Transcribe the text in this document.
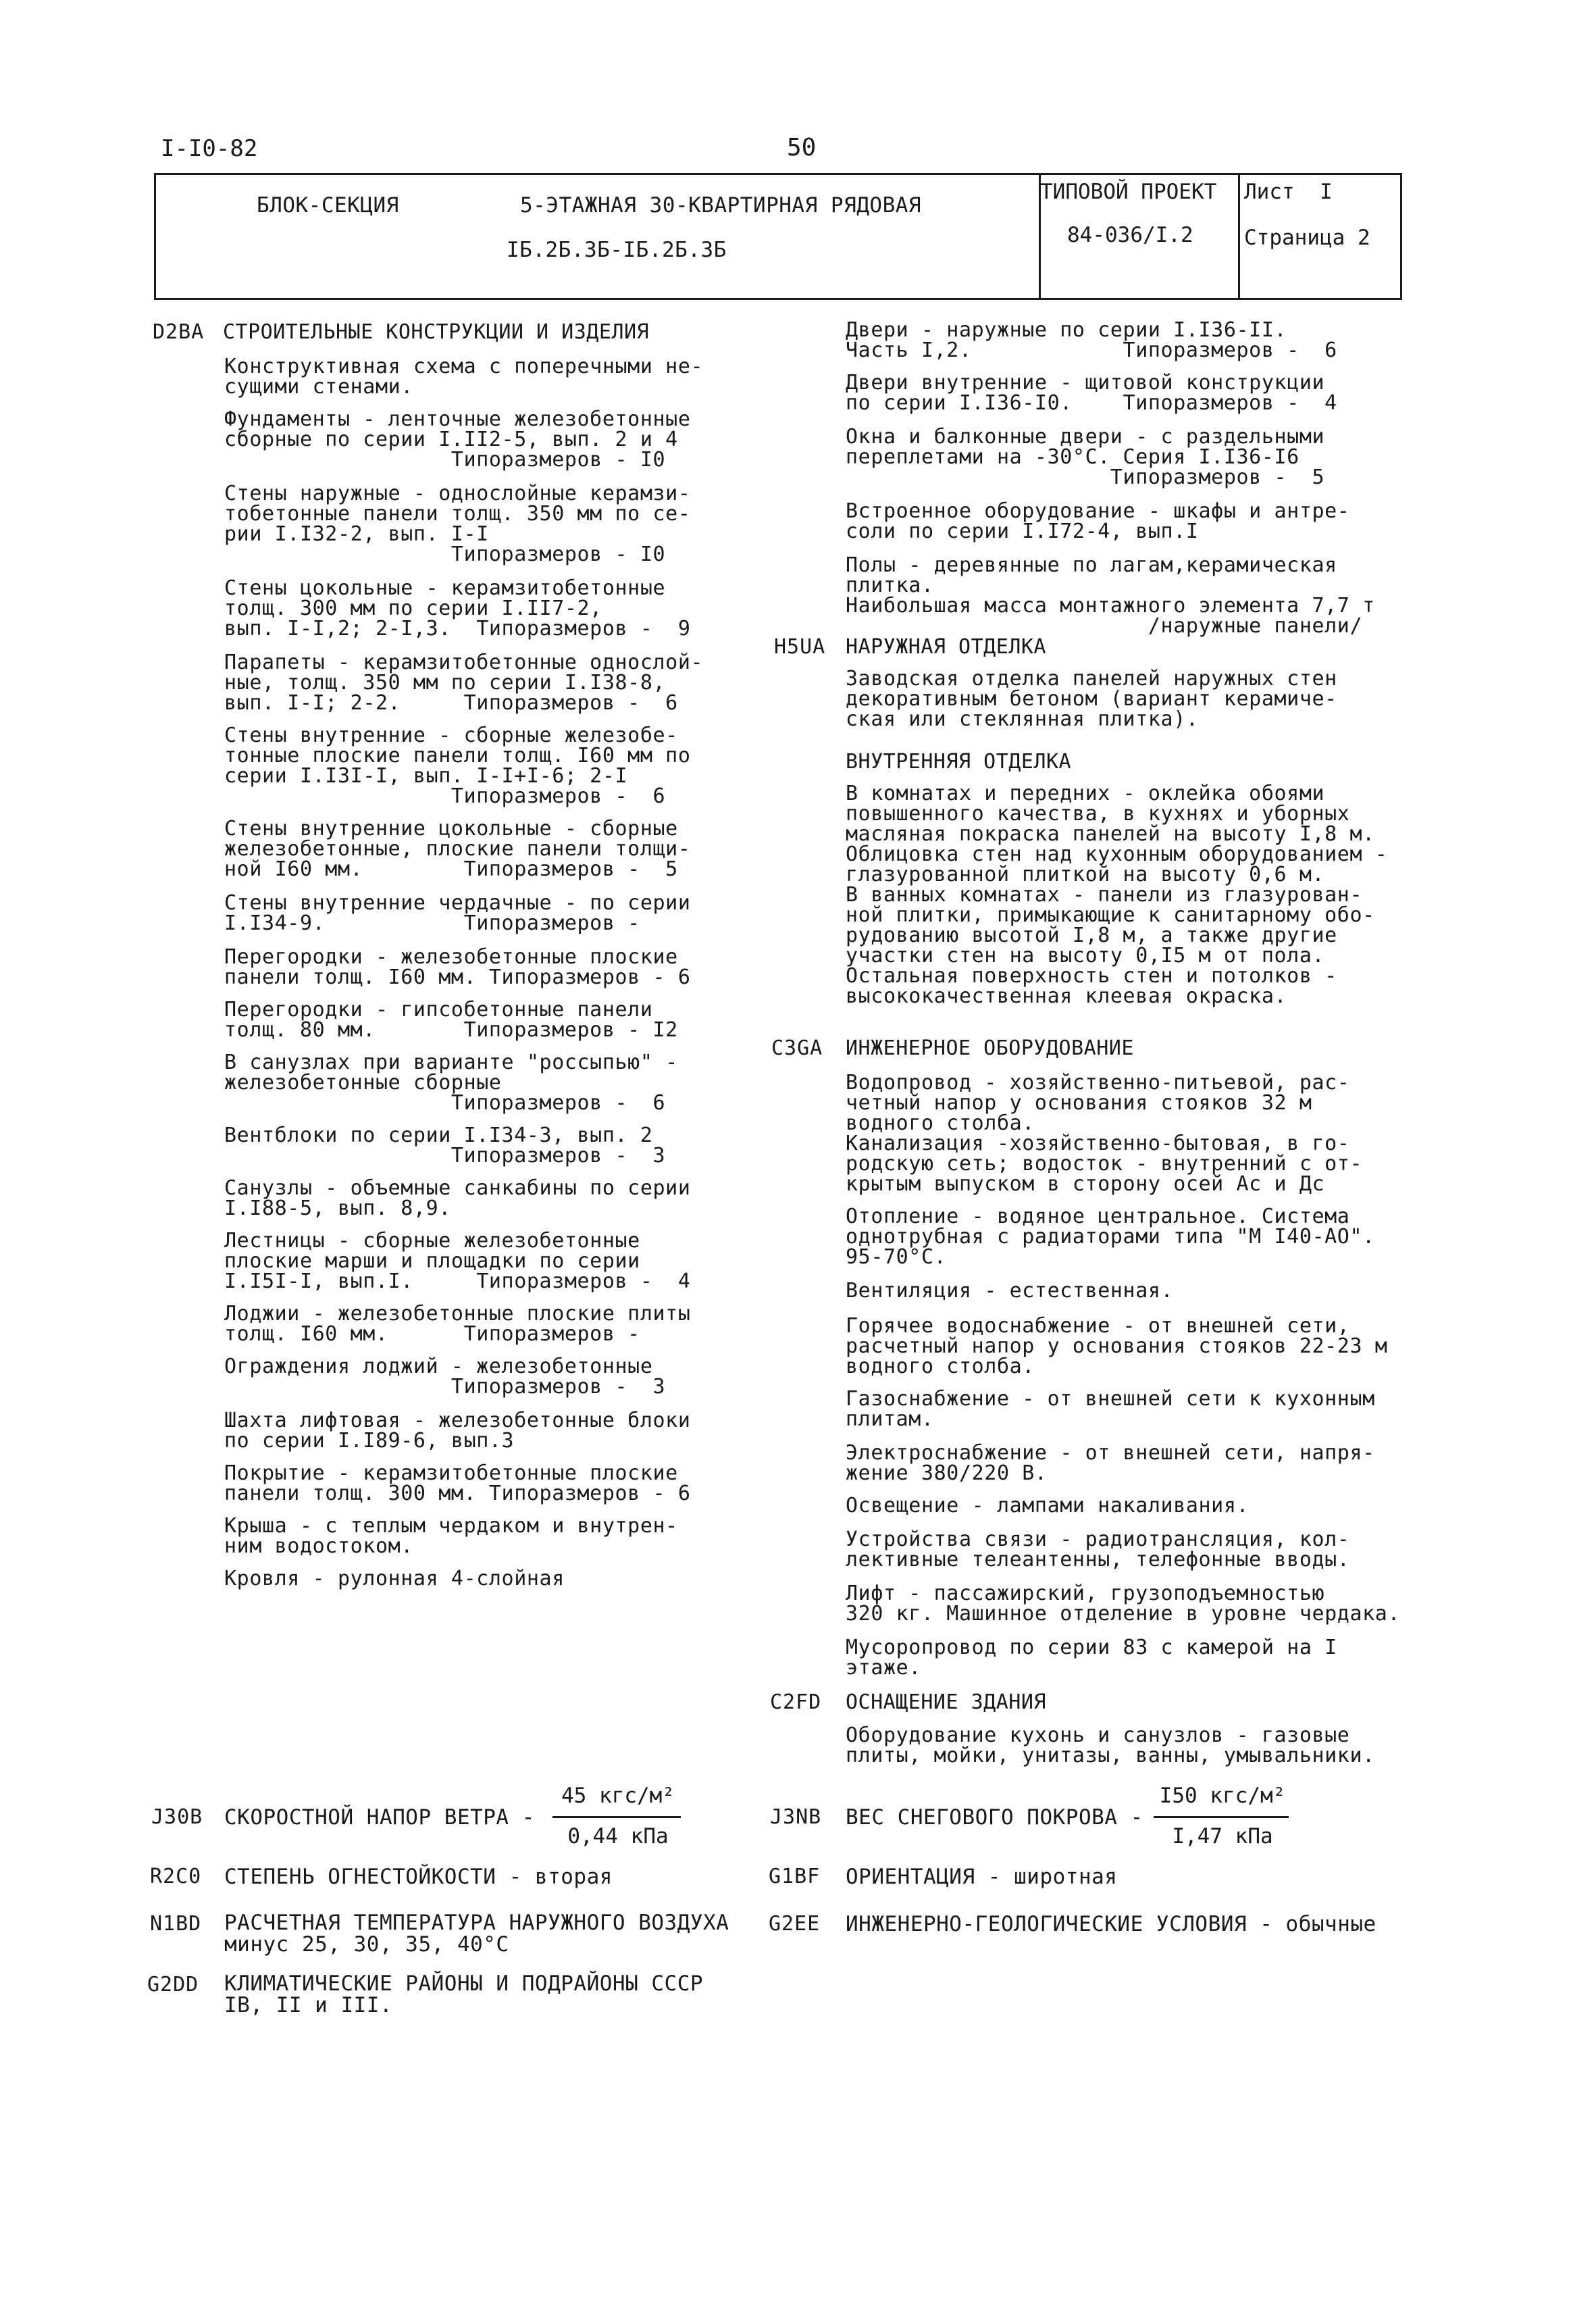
I-I0-82	50
БЛОК-СЕКЦИЯ	5-ЭТАЖНАЯ 30-КВАРТИРНАЯ РЯДОВАЯ
IБ.2Б.3Б-IБ.2Б.3Б
ТИПОВОЙ ПРОЕКТ
84-036/I.2
Лист  I
Страница 2
D2BA СТРОИТЕЛЬНЫЕ КОНСТРУКЦИИ И ИЗДЕЛИЯ
Конструктивная схема с поперечными не-
сущими стенами.
Фундаменты - ленточные железобетонные
сборные по серии I.II2-5, вып. 2 и 4
Типоразмеров - I0
Стены наружные - однослойные керамзи-
тобетонные панели толщ. 350 мм по се-
рии I.I32-2, вып. I-I
Типоразмеров - I0
Стены цокольные - керамзитобетонные
толщ. 300 мм по серии I.II7-2,
вып. I-I,2; 2-I,3.  Типоразмеров -  9
Парапеты - керамзитобетонные однослой-
ные, толщ. 350 мм по серии I.I38-8,
вып. I-I; 2-2.     Типоразмеров -  6
Стены внутренние - сборные железобе-
тонные плоские панели толщ. I60 мм по
серии I.I3I-I, вып. I-I+I-6; 2-I
Типоразмеров -  6
Стены внутренние цокольные - сборные
железобетонные, плоские панели толщи-
ной I60 мм.        Типоразмеров -  5
Стены внутренние чердачные - по серии
I.I34-9.           Типоразмеров -
Перегородки - железобетонные плоские
панели толщ. I60 мм. Типоразмеров - 6
Перегородки - гипсобетонные панели
толщ. 80 мм.       Типоразмеров - I2
В санузлах при варианте "россыпью" -
железобетонные сборные
Типоразмеров -  6
Вентблоки по серии I.I34-3, вып. 2
Типоразмеров -  3
Санузлы - объемные санкабины по серии
I.I88-5, вып. 8,9.
Лестницы - сборные железобетонные
плоские марши и площадки по серии
I.I5I-I, вып.I.     Типоразмеров -  4
Лоджии - железобетонные плоские плиты
толщ. I60 мм.      Типоразмеров -
Ограждения лоджий - железобетонные
Типоразмеров -  3
Шахта лифтовая - железобетонные блоки
по серии I.I89-6, вып.3
Покрытие - керамзитобетонные плоские
панели толщ. 300 мм. Типоразмеров - 6
Крыша - с теплым чердаком и внутрен-
ним водостоком.
Кровля - рулонная 4-слойная
Двери - наружные по серии I.I36-II.
Часть I,2.            Типоразмеров -  6
Двери внутренние - щитовой конструкции
по серии I.I36-I0.    Типоразмеров -  4
Окна и балконные двери - с раздельными
переплетами на -30°С. Серия I.I36-I6
Типоразмеров -  5
Встроенное оборудование - шкафы и антре-
соли по серии I.I72-4, вып.I
Полы - деревянные по лагам,керамическая
плитка.
Наибольшая масса монтажного элемента 7,7 т
/наружные панели/
H5UA НАРУЖНАЯ ОТДЕЛКА
Заводская отделка панелей наружных стен
декоративным бетоном (вариант керамиче-
ская или стеклянная плитка).
ВНУТРЕННЯЯ ОТДЕЛКА
В комнатах и передних - оклейка обоями
повышенного качества, в кухнях и уборных
масляная покраска панелей на высоту I,8 м.
Облицовка стен над кухонным оборудованием -
глазурованной плиткой на высоту 0,6 м.
В ванных комнатах - панели из глазурован-
ной плитки, примыкающие к санитарному обо-
рудованию высотой I,8 м, а также другие
участки стен на высоту 0,I5 м от пола.
Остальная поверхность стен и потолков -
высококачественная клеевая окраска.
C3GA ИНЖЕНЕРНОЕ ОБОРУДОВАНИЕ
Водопровод - хозяйственно-питьевой, рас-
четный напор у основания стояков 32 м
водного столба.
Канализация -хозяйственно-бытовая, в го-
родскую сеть; водосток - внутренний с от-
крытым выпуском в сторону осей Ас и Дс
Отопление - водяное центральное. Система
однотрубная с радиаторами типа "М I40-АО".
95-70°С.
Вентиляция - естественная.
Горячее водоснабжение - от внешней сети,
расчетный напор у основания стояков 22-23 м
водного столба.
Газоснабжение - от внешней сети к кухонным
плитам.
Электроснабжение - от внешней сети, напря-
жение 380/220 В.
Освещение - лампами накаливания.
Устройства связи - радиотрансляция, кол-
лективные телеантенны, телефонные вводы.
Лифт - пассажирский, грузоподъемностью
320 кг. Машинное отделение в уровне чердака.
Мусоропровод по серии 83 с камерой на I
этаже.
C2FD ОСНАЩЕНИЕ ЗДАНИЯ
Оборудование кухонь и санузлов - газовые
плиты, мойки, унитазы, ванны, умывальники.
J30B СКОРОСТНОЙ НАПОР ВЕТРА -
45 кгс/м²
0,44 кПа
J3NB ВЕС СНЕГОВОГО ПОКРОВА -
I50 кгс/м²
I,47 кПа
R2C0 СТЕПЕНЬ ОГНЕСТОЙКОСТИ - вторая	G1BF ОРИЕНТАЦИЯ - широтная
N1BD РАСЧЕТНАЯ ТЕМПЕРАТУРА НАРУЖНОГО ВОЗДУХА
минус 25, 30, 35, 40°С
G2EE ИНЖЕНЕРНО-ГЕОЛОГИЧЕСКИЕ УСЛОВИЯ - обычные
G2DD КЛИМАТИЧЕСКИЕ РАЙОНЫ И ПОДРАЙОНЫ СССР
IВ, II и III.
